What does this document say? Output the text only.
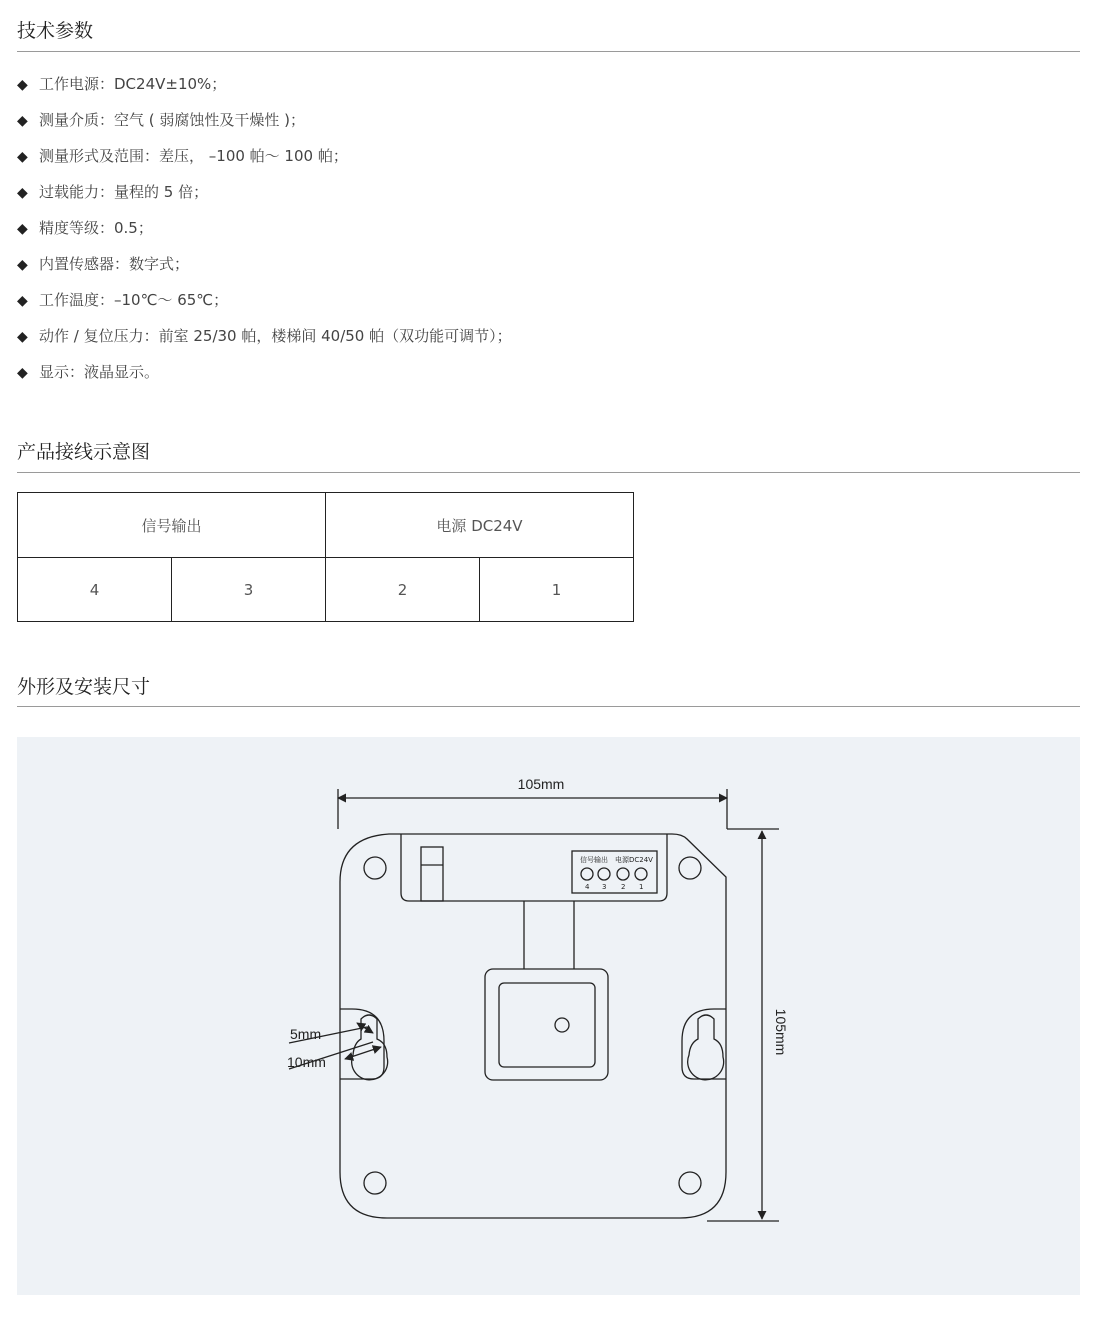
技术参数
◆ 工作电源：DC24V±10%；
◆ 测量介质：空气 ( 弱腐蚀性及干燥性 )；
◆ 测量形式及范围：差压， –100 帕～ 100 帕；
◆ 过载能力：量程的 5 倍；
◆ 精度等级：0.5；
◆ 内置传感器：数字式；
◆ 工作温度：–10℃～ 65℃；
◆ 动作 / 复位压力：前室 25/30 帕，楼梯间 40/50 帕（双功能可调节）；
◆ 显示：液晶显示。
产品接线示意图
信号输出		电源 DC24V	
4	3	2	1
外形及安装尺寸
105mm
105mm
5mm
10mm
信号输出 电源DC24V
4 3 2 1
